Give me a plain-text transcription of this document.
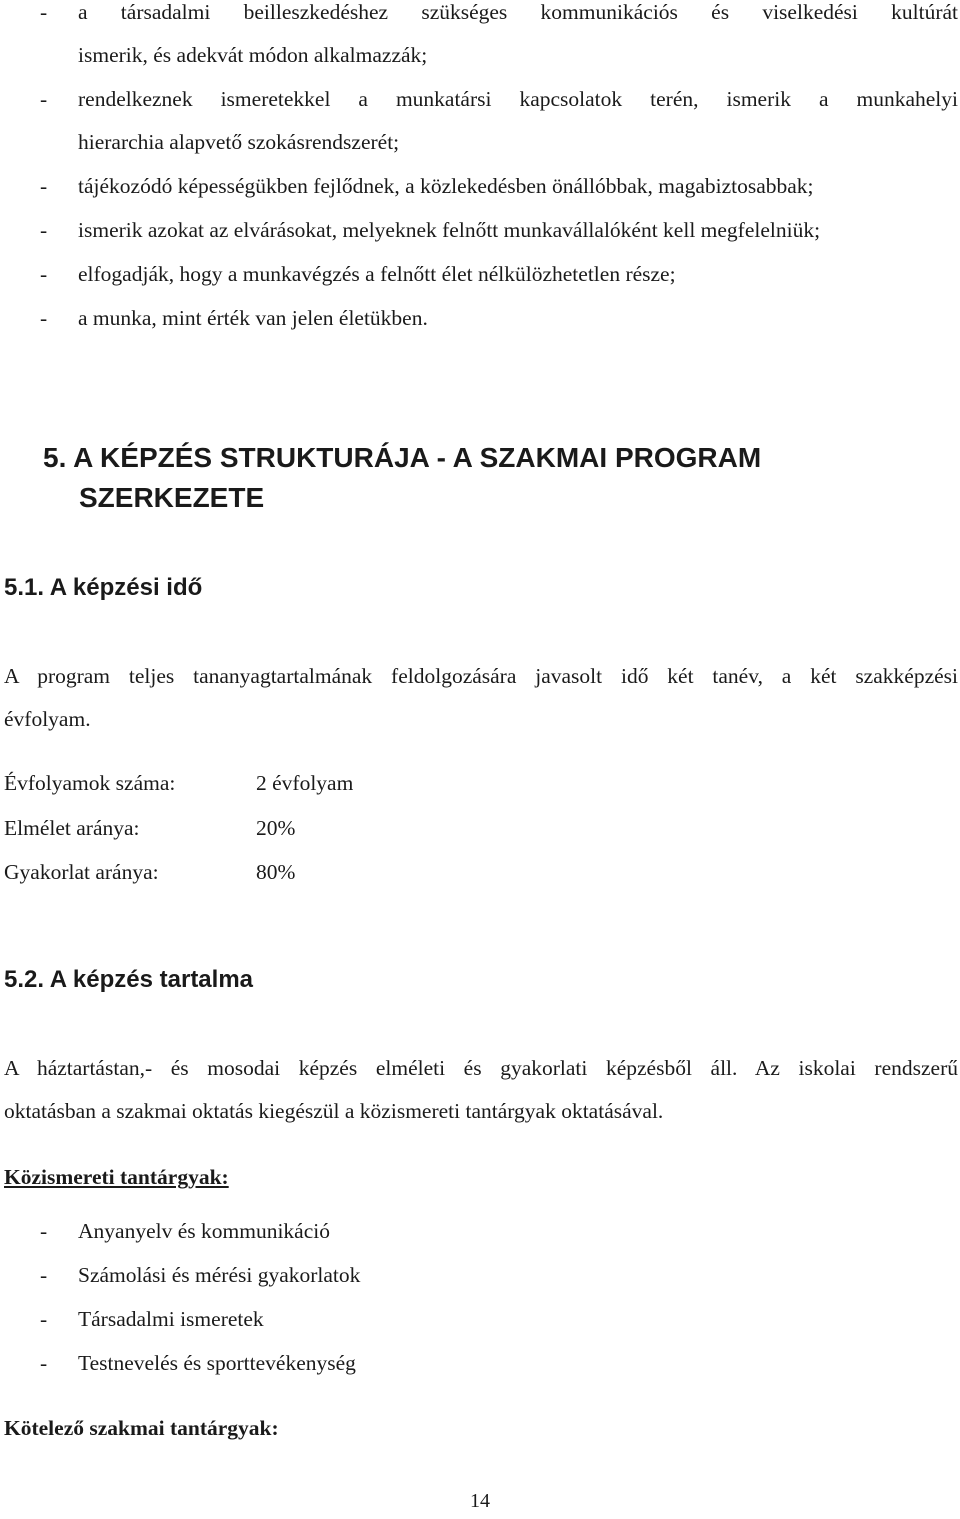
- a társadalmi beilleszkedéshez szükséges kommunikációs és viselkedési kultúrát
ismerik, és adekvát módon alkalmazzák;
- rendelkeznek ismeretekkel a munkatársi kapcsolatok terén, ismerik a munkahelyi
hierarchia alapvető szokásrendszerét;
- tájékozódó képességükben fejlődnek, a közlekedésben önállóbbak, magabiztosabbak;
- ismerik azokat az elvárásokat, melyeknek felnőtt munkavállalóként kell megfelelniük;
- elfogadják, hogy a munkavégzés a felnőtt élet nélkülözhetetlen része;
- a munka, mint érték van jelen életükben.
5. A KÉPZÉS STRUKTURÁJA - A SZAKMAI PROGRAM
SZERKEZETE
5.1. A képzési idő
A program teljes tananyagtartalmának feldolgozására javasolt idő két tanév, a két szakképzési
évfolyam.
Évfolyamok száma:	2 évfolyam
Elmélet aránya:	20%
Gyakorlat aránya:	80%
5.2. A képzés tartalma
A háztartástan,- és mosodai képzés elméleti és gyakorlati képzésből áll. Az iskolai rendszerű
oktatásban a szakmai oktatás kiegészül a közismereti tantárgyak oktatásával.
Közismereti tantárgyak:
- Anyanyelv és kommunikáció
- Számolási és mérési gyakorlatok
- Társadalmi ismeretek
- Testnevelés és sporttevékenység
Kötelező szakmai tantárgyak:
14
